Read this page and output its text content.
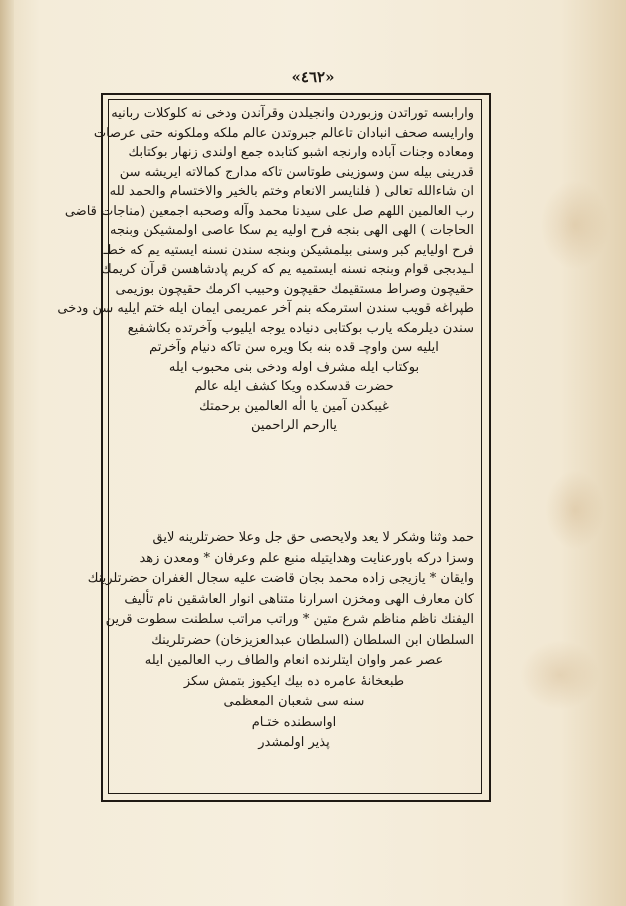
«٤٦٢»
وارابسه توراتدن وزبوردن وانجيلدن وقرآندن ودخى نه كلوكلات ربانيه
وارايسه صحف انبادان تاعالم جبروتدن عالم ملكه وملكونه حتى عرصات
ومعاده وجنات آباده وارنجه اشبو كتابده جمع اولندى زنهار بوكتابك
قدرينى بيله سن وسوزينى طوتاسن تاكه مدارج كمالاته ايريشه سن
ان شاءالله تعالى ( فلنايسر الانعام وختم بالخير والاختسام والحمد لله
رب العالمين اللهم صل على سيدنا محمد وآله وصحبه اجمعين (مناجات قاضى
الحاجات ) الهى الهى بنجه فرح اوليه يم سكا عاصى اولمشيكن وبنجه
فرح اوليايم كبر وسنى بيلمشيكن وبنجه سندن نسنه ايستيه يم كه خطـ
اـيدبجى قوام وبنجه نسنه ايستميه يم كه كريم پادشاهسن قرآن كريمك
حقيچون وصراط مستقيمك حقيچون وحبيب اكرمك حقيچون بوزيمى
طپراغه قويب سندن استرمكه بنم آخر عمريمى ايمان ايله ختم ايليه سن ودخى
سندن ديلرمكه يارب بوكتابى دنياده يوجه ايليوب وآخرتده بكاشفيع
ايليه سن واوچـ قده بنه بكا ويره سن تاكه دنيام وآخرتم
بوكتاب ايله مشرف اوله ودخى بنى محبوب ايله
حضرت قدسكده ويكا كشف ايله عالم
غيبكدن آمين يا الٰه العالمين برحمتك
ياارحم الراحمين
حمد وثنا وشكر لا يعد ولايحصى حق جل وعلا حضرتلرينه لايق
وسزا دركه باورعنايت وهدايتيله منبع علم وعرفان * ومعدن زهد
وايقان * يازيجى زاده محمد بجان قاضت عليه سجال الغفران حضرتلرينك
كان معارف الهى ومخزن اسرارنا متناهى انوار العاشقين نام تأليف
اليفنك ناظم مناظم شرع متين * وراتب مراتب سلطنت سطوت قرين
السلطان ابن السلطان (السلطان عبدالعزيزخان) حضرتلرينك
عصر عمر واوان ايتلرنده انعام والطاف رب العالمين ايله
طبعخانهٔ عامره ده بيك ايكيوز بتمش سكز
سنه سى شعبان المعظمى
اواسطنده ختـام
پذير اولمشدر
